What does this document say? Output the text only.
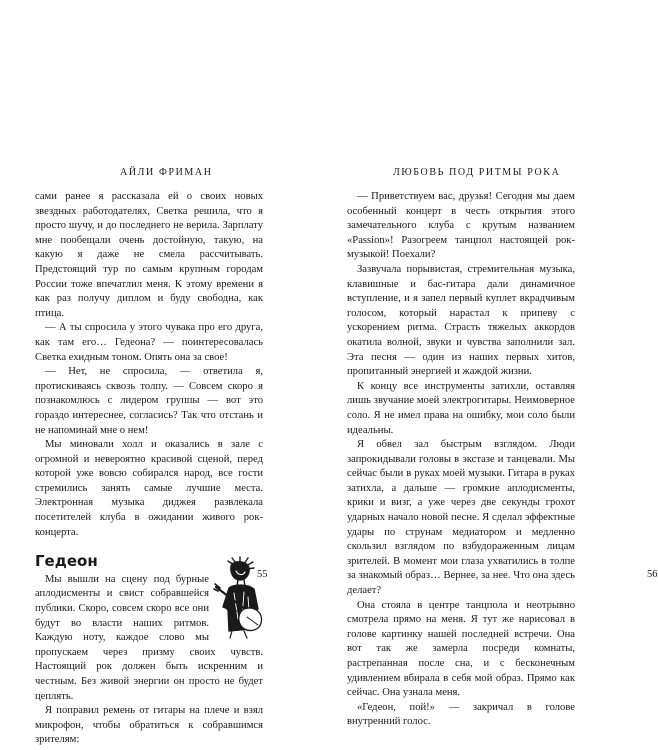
АЙЛИ ФРИМАН

сами ранее я рассказала ей о своих новых звездных работодателях, Светка решила, что я просто шучу, и до последнего не верила. Зарплату мне пообещали очень достойную, такую, на какую я даже не смела рассчитывать. Предстоящий тур по самым крупным городам России тоже впечатлил меня. К этому времени я как раз получу диплом и буду свободна, как птица.

— А ты спросила у этого чувака про его друга, как там его… Гедеона? — поинтересовалась Светка ехидным тоном. Опять она за свое!

— Нет, не спросила, — ответила я, протискиваясь сквозь толпу. — Совсем скоро я познакомлюсь с лидером группы — вот это гораздо интереснее, согласись? Так что отстань и не напоминай мне о нем!

Мы миновали холл и оказались в зале с огромной и невероятно красивой сценой, перед которой уже вовсю собирался народ, все гости стремились занять самые лучшие места. Электронная музыка диджея развлекала посетителей клуба в ожидании живого рок-концерта.

Гедеон

Мы вышли на сцену под бурные аплодисменты и свист собравшейся публики. Скоро, совсем скоро все они будут во власти наших ритмов. Каждую ноту, каждое слово мы пропускаем через призму своих чувств. Настоящий рок должен быть искренним и честным. Без живой энергии он просто не будет цеплять.

Я поправил ремень от гитары на плече и взял микрофон, чтобы обратиться к собравшимся зрителям:

55
ЛЮБОВЬ ПОД РИТМЫ РОКА
56

— Приветствуем вас, друзья! Сегодня мы даем особенный концерт в честь открытия этого замечательного клуба с крутым названием «Passion»! Разогреем танцпол настоящей рок-музыкой! Поехали?

Зазвучала порывистая, стремительная музыка, клавишные и бас-гитара дали динамичное вступление, и я запел первый куплет вкрадчивым голосом, который нарастал к припеву с ускорением ритма. Страсть тяжелых аккордов окатила волной, звуки и чувства заполнили зал. Эта песня — один из наших первых хитов, пропитанный энергией и жаждой жизни.

К концу все инструменты затихли, оставляя лишь звучание моей электрогитары. Неимоверное соло. Я не имел права на ошибку, мои соло были идеальны.

Я обвел зал быстрым взглядом. Люди запрокидывали головы в экстазе и танцевали. Мы сейчас были в руках моей музыки. Гитара в руках затихла, а дальше — громкие аплодисменты, крики и визг, а уже через две секунды грохот ударных начало новой песне. Я сделал эффектные удары по струнам медиатором и медленно скользил взглядом по взбудораженным лицам зрителей. В момент мои глаза ухватились в толпе за знакомый образ… Вернее, за нее. Что она здесь делает?

Она стояла в центре танцпола и неотрывно смотрела прямо на меня. Я тут же нарисовал в голове картинку нашей последней встречи. Она вот так же замерла посреди комнаты, растрепанная после сна, и с бесконечным удивлением вбирала в себя мой образ. Прямо как сейчас. Она узнала меня.

«Гедеон, пой!» — закричал в голове внутренний голос.
